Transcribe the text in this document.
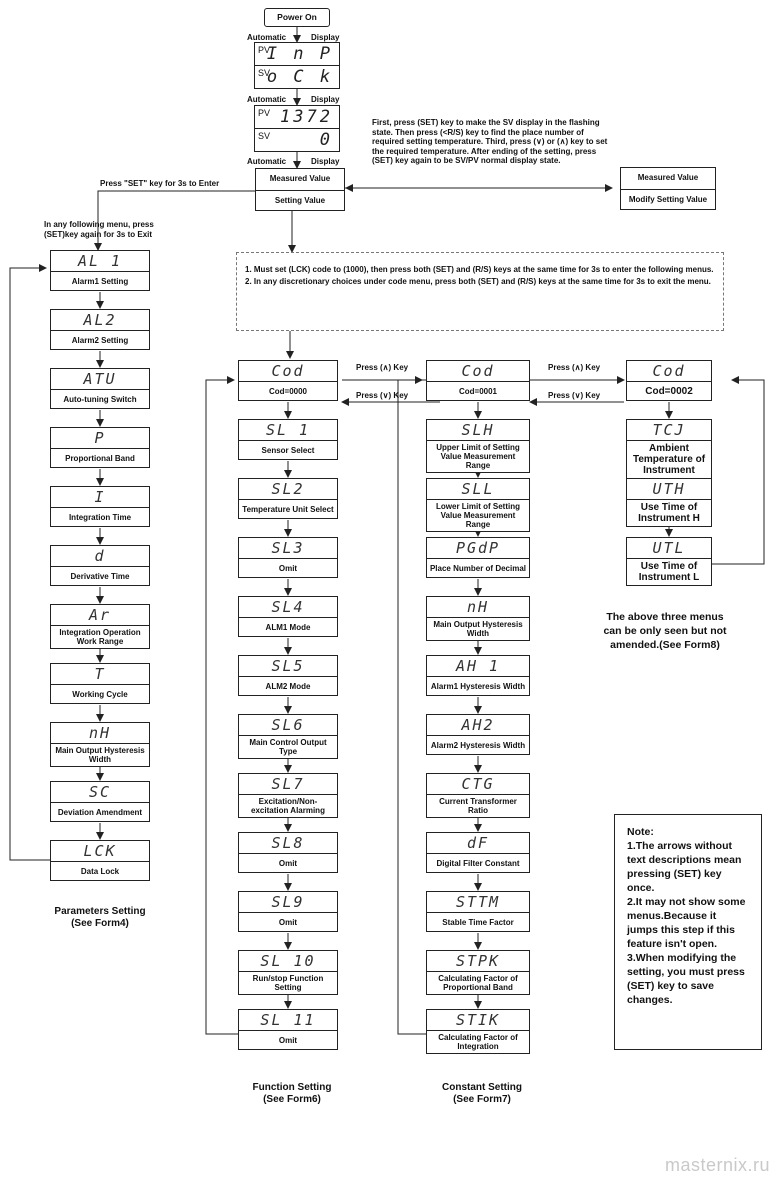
Power On
Automatic	Display
Automatic	Display
Automatic	Display
PV
I n P
SV
o C k
PV 1372
SV	0
Measured Value
Setting Value
Measured Value
Modify Setting Value
First, press (SET) key to make the SV display in the flashing state. Then press (<R/S) key to find the place number of required setting temperature. Third, press (∨) or (∧) key to set the required temperature. After ending of the setting, press (SET) key again to be SV/PV normal display state.
Press "SET" key for 3s to Enter
In any following menu, press (SET)key again for 3s to Exit
1. Must set (LCK) code to (1000), then press both (SET) and (R/S) keys at the same time for 3s to enter the following menus.
2. In any discretionary choices under code menu, press both (SET) and (R/S) keys at the same time for 3s to exit the menu.
AL 1
Alarm1 Setting
AL2
Alarm2 Setting
ATU
Auto-tuning Switch
P
Proportional Band
I
Integration Time
d
Derivative Time
Ar
Integration Operation Work Range
T
Working Cycle
nH
Main Output Hysteresis Width
SC
Deviation Amendment
LCK
Data Lock
Parameters Setting
(See Form4)
Cod
Cod=0000
SL 1
Sensor Select
SL2
Temperature Unit Select
SL3
Omit
SL4
ALM1 Mode
SL5
ALM2 Mode
SL6
Main Control Output Type
SL7
Excitation/Non-excitation Alarming
SL8
Omit
SL9
Omit
SL 10
Run/stop Function Setting
SL 11
Omit
Function Setting
(See Form6)
Cod
Cod=0001
SLH
Upper Limit of Setting Value Measurement Range
SLL
Lower Limit of Setting Value Measurement Range
PGdP
Place Number of Decimal
nH
Main Output Hysteresis Width
AH 1
Alarm1 Hysteresis Width
AH2
Alarm2 Hysteresis Width
CTG
Current Transformer Ratio
dF
Digital Filter Constant
STTM
Stable Time Factor
STPK
Calculating Factor of Proportional Band
STIK
Calculating Factor of Integration
Constant Setting
(See Form7)
Cod
Cod=0002
TCJ
Ambient Temperature of Instrument
UTH
Use Time of Instrument H
UTL
Use Time of Instrument L
The above three menus can be only seen but not amended.(See Form8)
Press (∧) Key
Press (∨) Key
Press (∧) Key
Press (∨) Key
Note:
1.The arrows without text descriptions mean pressing (SET) key once.
2.It may not show some menus.Because it jumps this step if this feature isn't open.
3.When modifying the setting, you must press (SET) key to save changes.
masternix.ru
